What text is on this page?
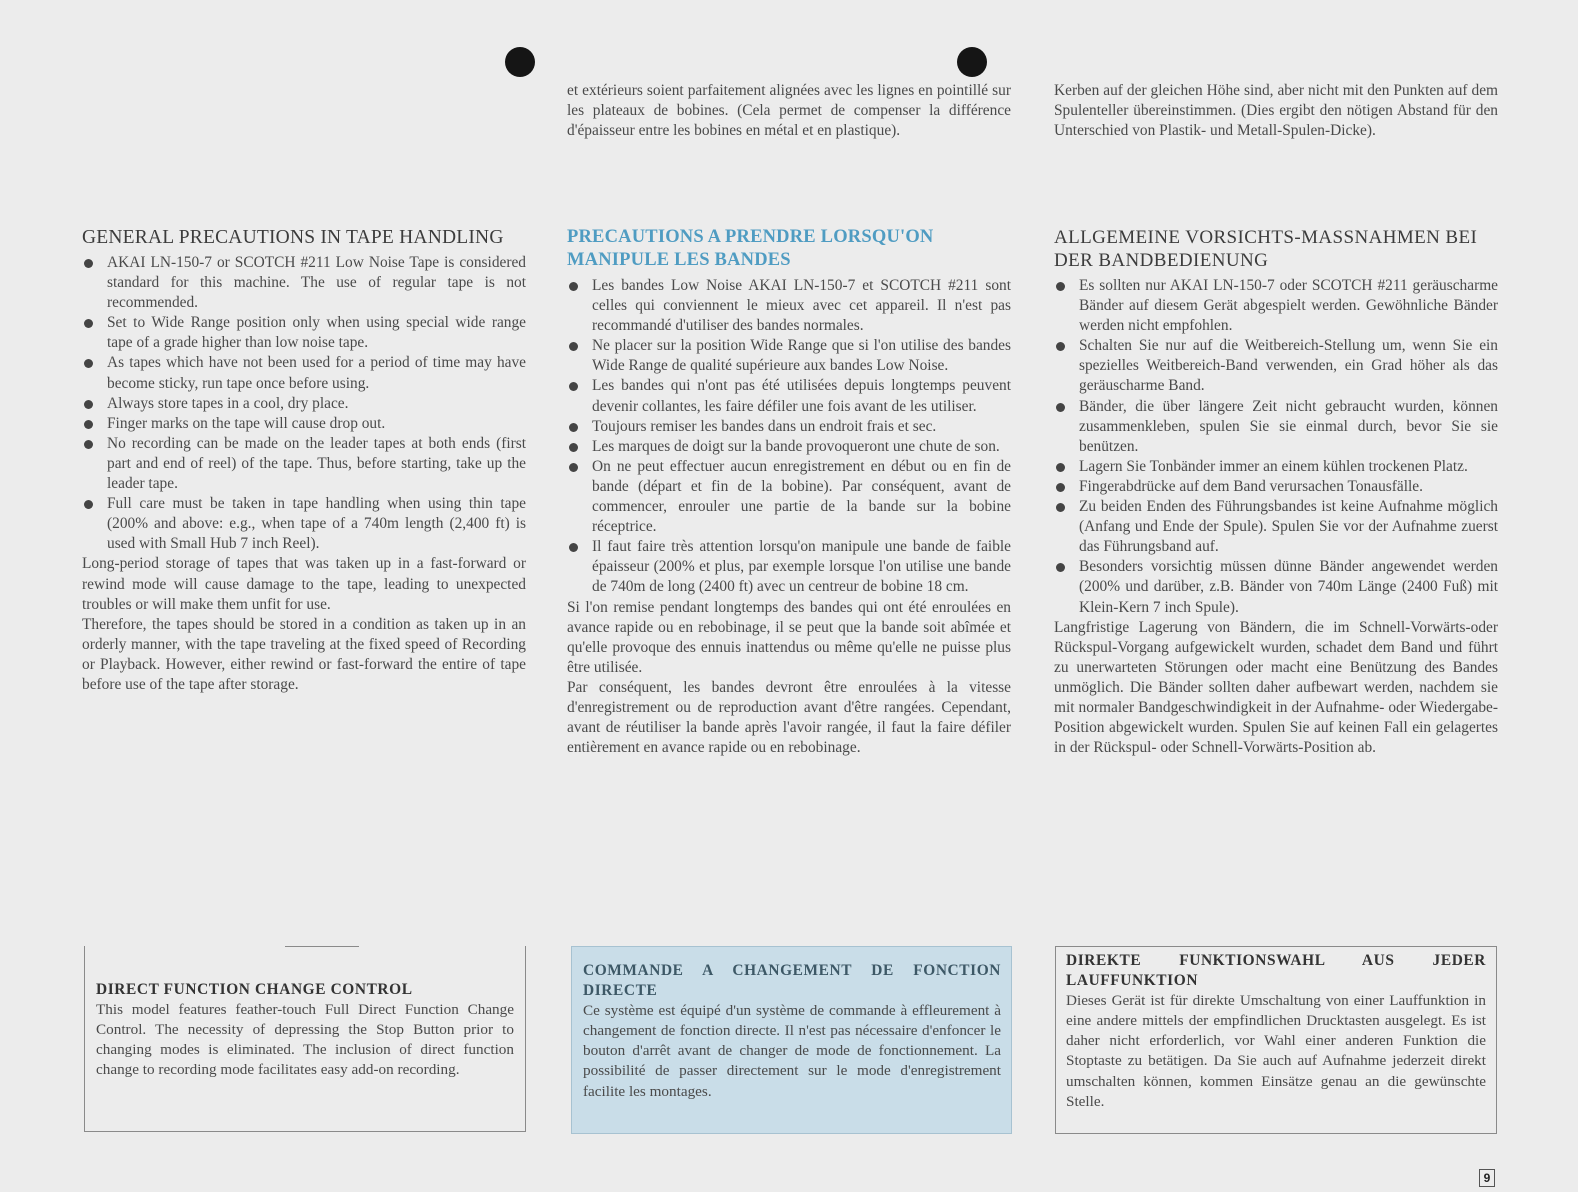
et extérieurs soient parfaitement alignées avec les lignes en pointillé sur les plateaux de bobines. (Cela permet de compenser la différence d'épaisseur entre les bobines en métal et en plastique).

Kerben auf der gleichen Höhe sind, aber nicht mit den Punkten auf dem Spulenteller übereinstimmen. (Dies ergibt den nötigen Abstand für den Unterschied von Plastik- und Metall-Spulen-Dicke).

GENERAL PRECAUTIONS IN TAPE HANDLING
AKAI LN-150-7 or SCOTCH #211 Low Noise Tape is considered standard for this machine. The use of regular tape is not recommended.
Set to Wide Range position only when using special wide range tape of a grade higher than low noise tape.
As tapes which have not been used for a period of time may have become sticky, run tape once before using.
Always store tapes in a cool, dry place.
Finger marks on the tape will cause drop out.
No recording can be made on the leader tapes at both ends (first part and end of reel) of the tape. Thus, before starting, take up the leader tape.
Full care must be taken in tape handling when using thin tape (200% and above: e.g., when tape of a 740m length (2,400 ft) is used with Small Hub 7 inch Reel).

Long-period storage of tapes that was taken up in a fast-forward or rewind mode will cause damage to the tape, leading to unexpected troubles or will make them unfit for use.

Therefore, the tapes should be stored in a condition as taken up in an orderly manner, with the tape traveling at the fixed speed of Recording or Playback. However, either rewind or fast-forward the entire of tape before use of the tape after storage.

PRECAUTIONS A PRENDRE LORSQU'ON MANIPULE LES BANDES
Les bandes Low Noise AKAI LN-150-7 et SCOTCH #211 sont celles qui conviennent le mieux avec cet appareil. Il n'est pas recommandé d'utiliser des bandes normales.
Ne placer sur la position Wide Range que si l'on utilise des bandes Wide Range de qualité supérieure aux bandes Low Noise.
Les bandes qui n'ont pas été utilisées depuis longtemps peuvent devenir collantes, les faire défiler une fois avant de les utiliser.
Toujours remiser les bandes dans un endroit frais et sec.
Les marques de doigt sur la bande provoqueront une chute de son.
On ne peut effectuer aucun enregistrement en début ou en fin de bande (départ et fin de la bobine). Par conséquent, avant de commencer, enrouler une partie de la bande sur la bobine réceptrice.
Il faut faire très attention lorsqu'on manipule une bande de faible épaisseur (200% et plus, par exemple lorsque l'on utilise une bande de 740m de long (2400 ft) avec un centreur de bobine 18 cm.

Si l'on remise pendant longtemps des bandes qui ont été enroulées en avance rapide ou en rebobinage, il se peut que la bande soit abîmée et qu'elle provoque des ennuis inattendus ou même qu'elle ne puisse plus être utilisée.

Par conséquent, les bandes devront être enroulées à la vitesse d'enregistrement ou de reproduction avant d'être rangées. Cependant, avant de réutiliser la bande après l'avoir rangée, il faut la faire défiler entièrement en avance rapide ou en rebobinage.

ALLGEMEINE VORSICHTS-MASSNAHMEN BEI DER BANDBEDIENUNG
Es sollten nur AKAI LN-150-7 oder SCOTCH #211 geräuscharme Bänder auf diesem Gerät abgespielt werden. Gewöhnliche Bänder werden nicht empfohlen.
Schalten Sie nur auf die Weitbereich-Stellung um, wenn Sie ein spezielles Weitbereich-Band verwenden, ein Grad höher als das geräuscharme Band.
Bänder, die über längere Zeit nicht gebraucht wurden, können zusammenkleben, spulen Sie sie einmal durch, bevor Sie sie benützen.
Lagern Sie Tonbänder immer an einem kühlen trockenen Platz.
Fingerabdrücke auf dem Band verursachen Tonausfälle.
Zu beiden Enden des Führungsbandes ist keine Aufnahme möglich (Anfang und Ende der Spule). Spulen Sie vor der Aufnahme zuerst das Führungsband auf.
Besonders vorsichtig müssen dünne Bänder angewendet werden (200% und darüber, z.B. Bänder von 740m Länge (2400 Fuß) mit Klein-Kern 7 inch Spule).

Langfristige Lagerung von Bändern, die im Schnell-Vorwärts-oder Rückspul-Vorgang aufgewickelt wurden, schadet dem Band und führt zu unerwarteten Störungen oder macht eine Benützung des Bandes unmöglich. Die Bänder sollten daher aufbewart werden, nachdem sie mit normaler Bandgeschwindigkeit in der Aufnahme- oder Wiedergabe-Position abgewickelt wurden. Spulen Sie auf keinen Fall ein gelagertes in der Rückspul- oder Schnell-Vorwärts-Position ab.

DIRECT FUNCTION CHANGE CONTROL

This model features feather-touch Full Direct Function Change Control. The necessity of depressing the Stop Button prior to changing modes is eliminated. The inclusion of direct function change to recording mode facilitates easy add-on recording.

COMMANDE A CHANGEMENT DE FONCTION DIRECTE

Ce système est équipé d'un système de commande à effleurement à changement de fonction directe. Il n'est pas nécessaire d'enfoncer le bouton d'arrêt avant de changer de mode de fonctionnement. La possibilité de passer directement sur le mode d'enregistrement facilite les montages.

DIREKTE FUNKTIONSWAHL AUS JEDER LAUFFUNKTION

Dieses Gerät ist für direkte Umschaltung von einer Lauffunktion in eine andere mittels der empfindlichen Drucktasten ausgelegt. Es ist daher nicht erforderlich, vor Wahl einer anderen Funktion die Stoptaste zu betätigen. Da Sie auch auf Aufnahme jederzeit direkt umschalten können, kommen Einsätze genau an die gewünschte Stelle.

9
